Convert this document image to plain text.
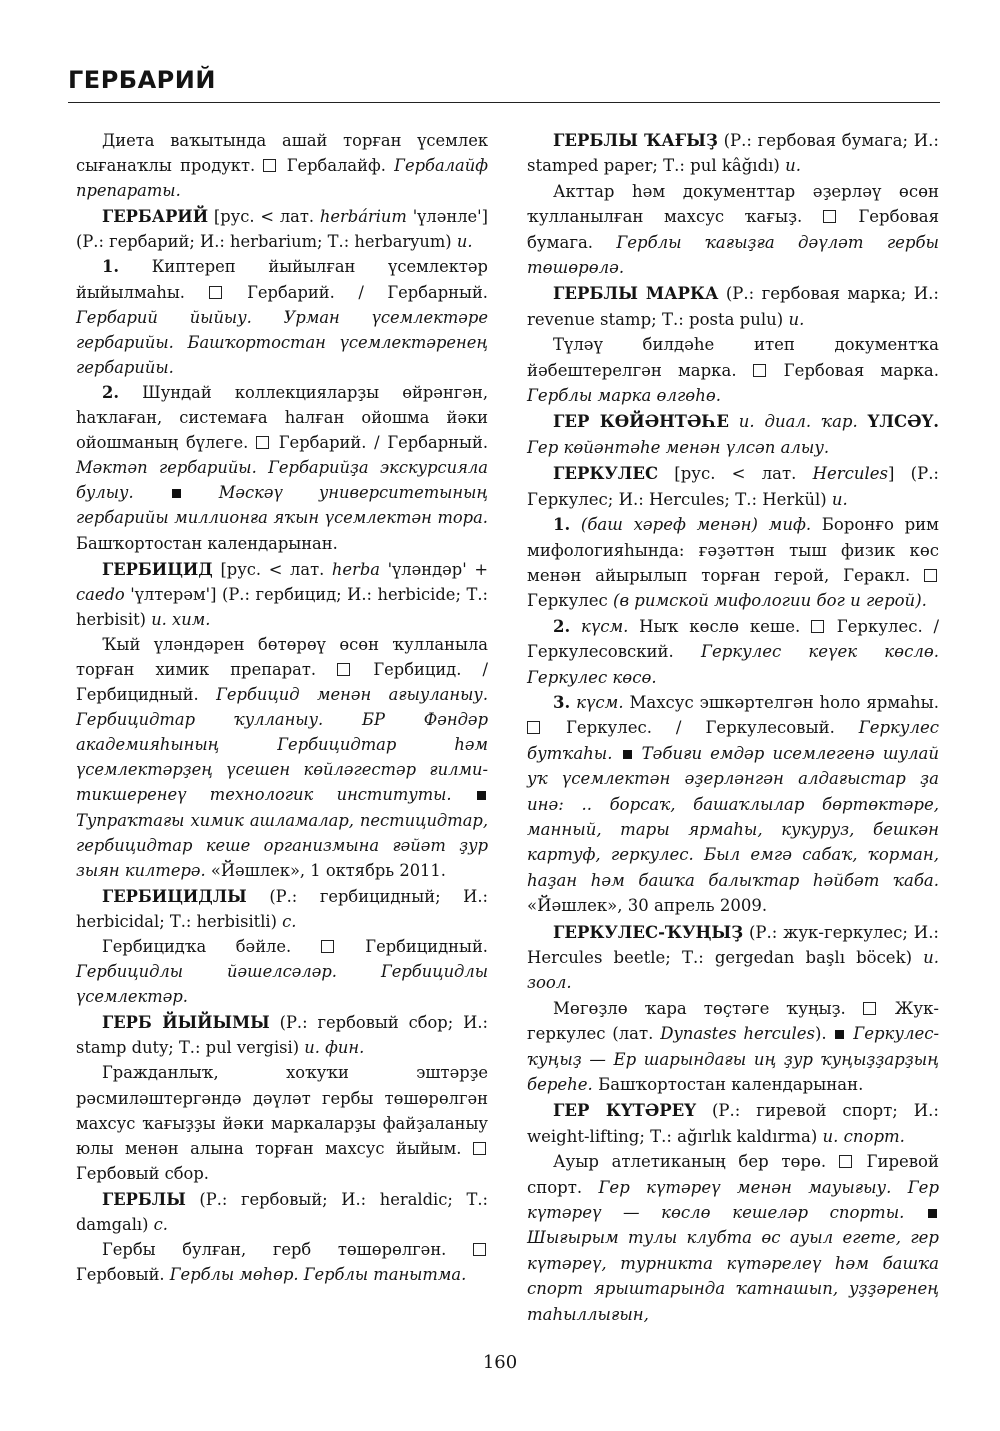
ГЕРБАРИЙ

Диета ваҡытында ашай торған үсемлек сығанаҡлы продукт. Гербалайф. Гербалайф препараты.

ГЕРБАРИЙ [рус. < лат. herbárium 'үләнле'] (Р.: гербарий; И.: herbarium; Т.: herbaryum) и.

1. Киптереп йыйылған үсемлектәр йыйылмаһы.	Гербарий. / Гербарный. Гербарий йыйыу. Урман үсемлектәре гербарийы. Башҡортостан үсемлектәренең гербарийы.

2. Шундай коллекцияларҙы өйрәнгән, һаҡлаған, системаға һалған ойошма йәки ойошманың бүлеге. Гербарий. / Гербарный. Мәктәп гербарийы. Гербарийҙа экскурсияла булыу.	Мәскәү университетының гербарийы миллионға яҡын үсемлектән тора. Башҡортостан календарынан.

ГЕРБИЦИД [рус. < лат. herba 'үләндәр' + caedo 'үлтерәм'] (Р.: гербицид; И.: herbicide; Т.: herbisit) и. хим.

Ҡый үләндәрен бөтөрөү өсөн ҡулланыла торған химик препарат.	Гербицид. / Гербицидный. Гербицид менән ағыуланыу. Гербицидтар ҡулланыу. БР Фәндәр академияһының Гербицидтар һәм үсемлектәрҙең үсешен көйләгестәр ғилми-тикшеренеү технологик институты.  Тупраҡтағы химик ашламалар, пестицидтар, гербицидтар кеше организмына ғәйәт ҙур зыян килтерә. «Йәшлек», 1 октябрь 2011.

ГЕРБИЦИДЛЫ (Р.: гербицидный; И.: herbicidal; Т.: herbisitli) с.

Гербицидҡа бәйле.	Гербицидный. Гербицидлы йәшелсәләр. Гербицидлы үсемлектәр.

ГЕРБ ЙЫЙЫМЫ (Р.: гербовый сбор; И.: stamp duty; Т.: pul vergisi) и. фин.

Гражданлыҡ, хоҡуҡи эштәрҙе рәсмиләштергәндә дәүләт гербы төшөрөлгән махсус ҡағыҙҙы йәки маркаларҙы файҙаланыу юлы менән алына торған махсус йыйым.  Гербовый сбор.

ГЕРБЛЫ (Р.: гербовый; И.: heraldic; Т.: damgalı) с.

Гербы булған, герб төшөрөлгән.  Гербовый. Герблы мөһөр. Герблы танытма.

ГЕРБЛЫ ҠАҒЫҘ (Р.: гербовая бумага; И.: stamped paper; Т.: pul kâğıdı) и.

Акттар һәм документтар әҙерләү өсөн ҡулланылған махсус ҡағыҙ.	Гербовая бумага. Герблы ҡағыҙға дәүләт гербы төшөрөлә.

ГЕРБЛЫ МАРКА (Р.: гербовая марка; И.: revenue stamp; Т.: posta pulu) и.

Түләү билдәһе итеп документҡа йәбештерелгән марка.	Гербовая марка. Герблы марка өлгөһө.

ГЕР КӨЙӘНТӘҺЕ и. диал. ҡар. ҮЛСӘҮ. Гер көйәнтәһе менән үлсәп алыу.

ГЕРКУЛЕС [рус. < лат. Hercules] (Р.: Геркулес; И.: Hercules; Т.: Herkül) и.

1. (баш хәреф менән) миф. Боронғо рим мифологияһында: ғәҙәттән тыш физик көс менән айырылып торған герой, Геракл.  Геркулес (в римской мифологии бог и герой).

2. күсм. Ныҡ көслө кеше. Геркулес. / Геркулесовский. Геркулес кеүек көслө. Геркулес көсө.

3. күсм. Махсус эшкәртелгән һоло ярмаһы.  Геркулес. / Геркулесовый. Геркулес бутҡаһы. Тәбиғи емдәр исемлегенә шулай уҡ үсемлектән әҙерләнгән алдағыстар ҙа инә: .. борсаҡ, башаҡлылар бөртөктәре, манный, тары ярмаһы, кукуруз, бешкән картуф, геркулес. Был емгә сабаҡ, ҡорман, һаҙан һәм башҡа балыҡтар һәйбәт ҡаба. «Йәшлек», 30 апрель 2009.

ГЕРКУЛЕС-ҠУҢЫҘ (Р.: жук-геркулес; И.: Hercules beetle; Т.: gergedan başlı böcek) и. зоол.

Мөгөҙлө ҡара төҫтәге ҡуңыҙ.	Жук-геркулес (лат. Dynastes hercules). Геркулес-ҡуңыҙ — Ер шарындағы иң ҙур ҡуңыҙҙарҙың береһе. Башҡортостан календарынан.

ГЕР КҮТӘРЕҮ (Р.: гиревой спорт; И.: weight-lifting; Т.: ağırlık kaldırma) и. спорт.

Ауыр атлетиканың бер төрө. Гиревой спорт. Гер күтәреү менән мауығыу. Гер күтәреү — көслө кешеләр спорты.  Шығырым тулы клубта өс ауыл егете, гер күтәреү, турникта күтәрелеү һәм башҡа спорт ярыштарында ҡатнашып, уҙҙәренең таһыллығын,

160
